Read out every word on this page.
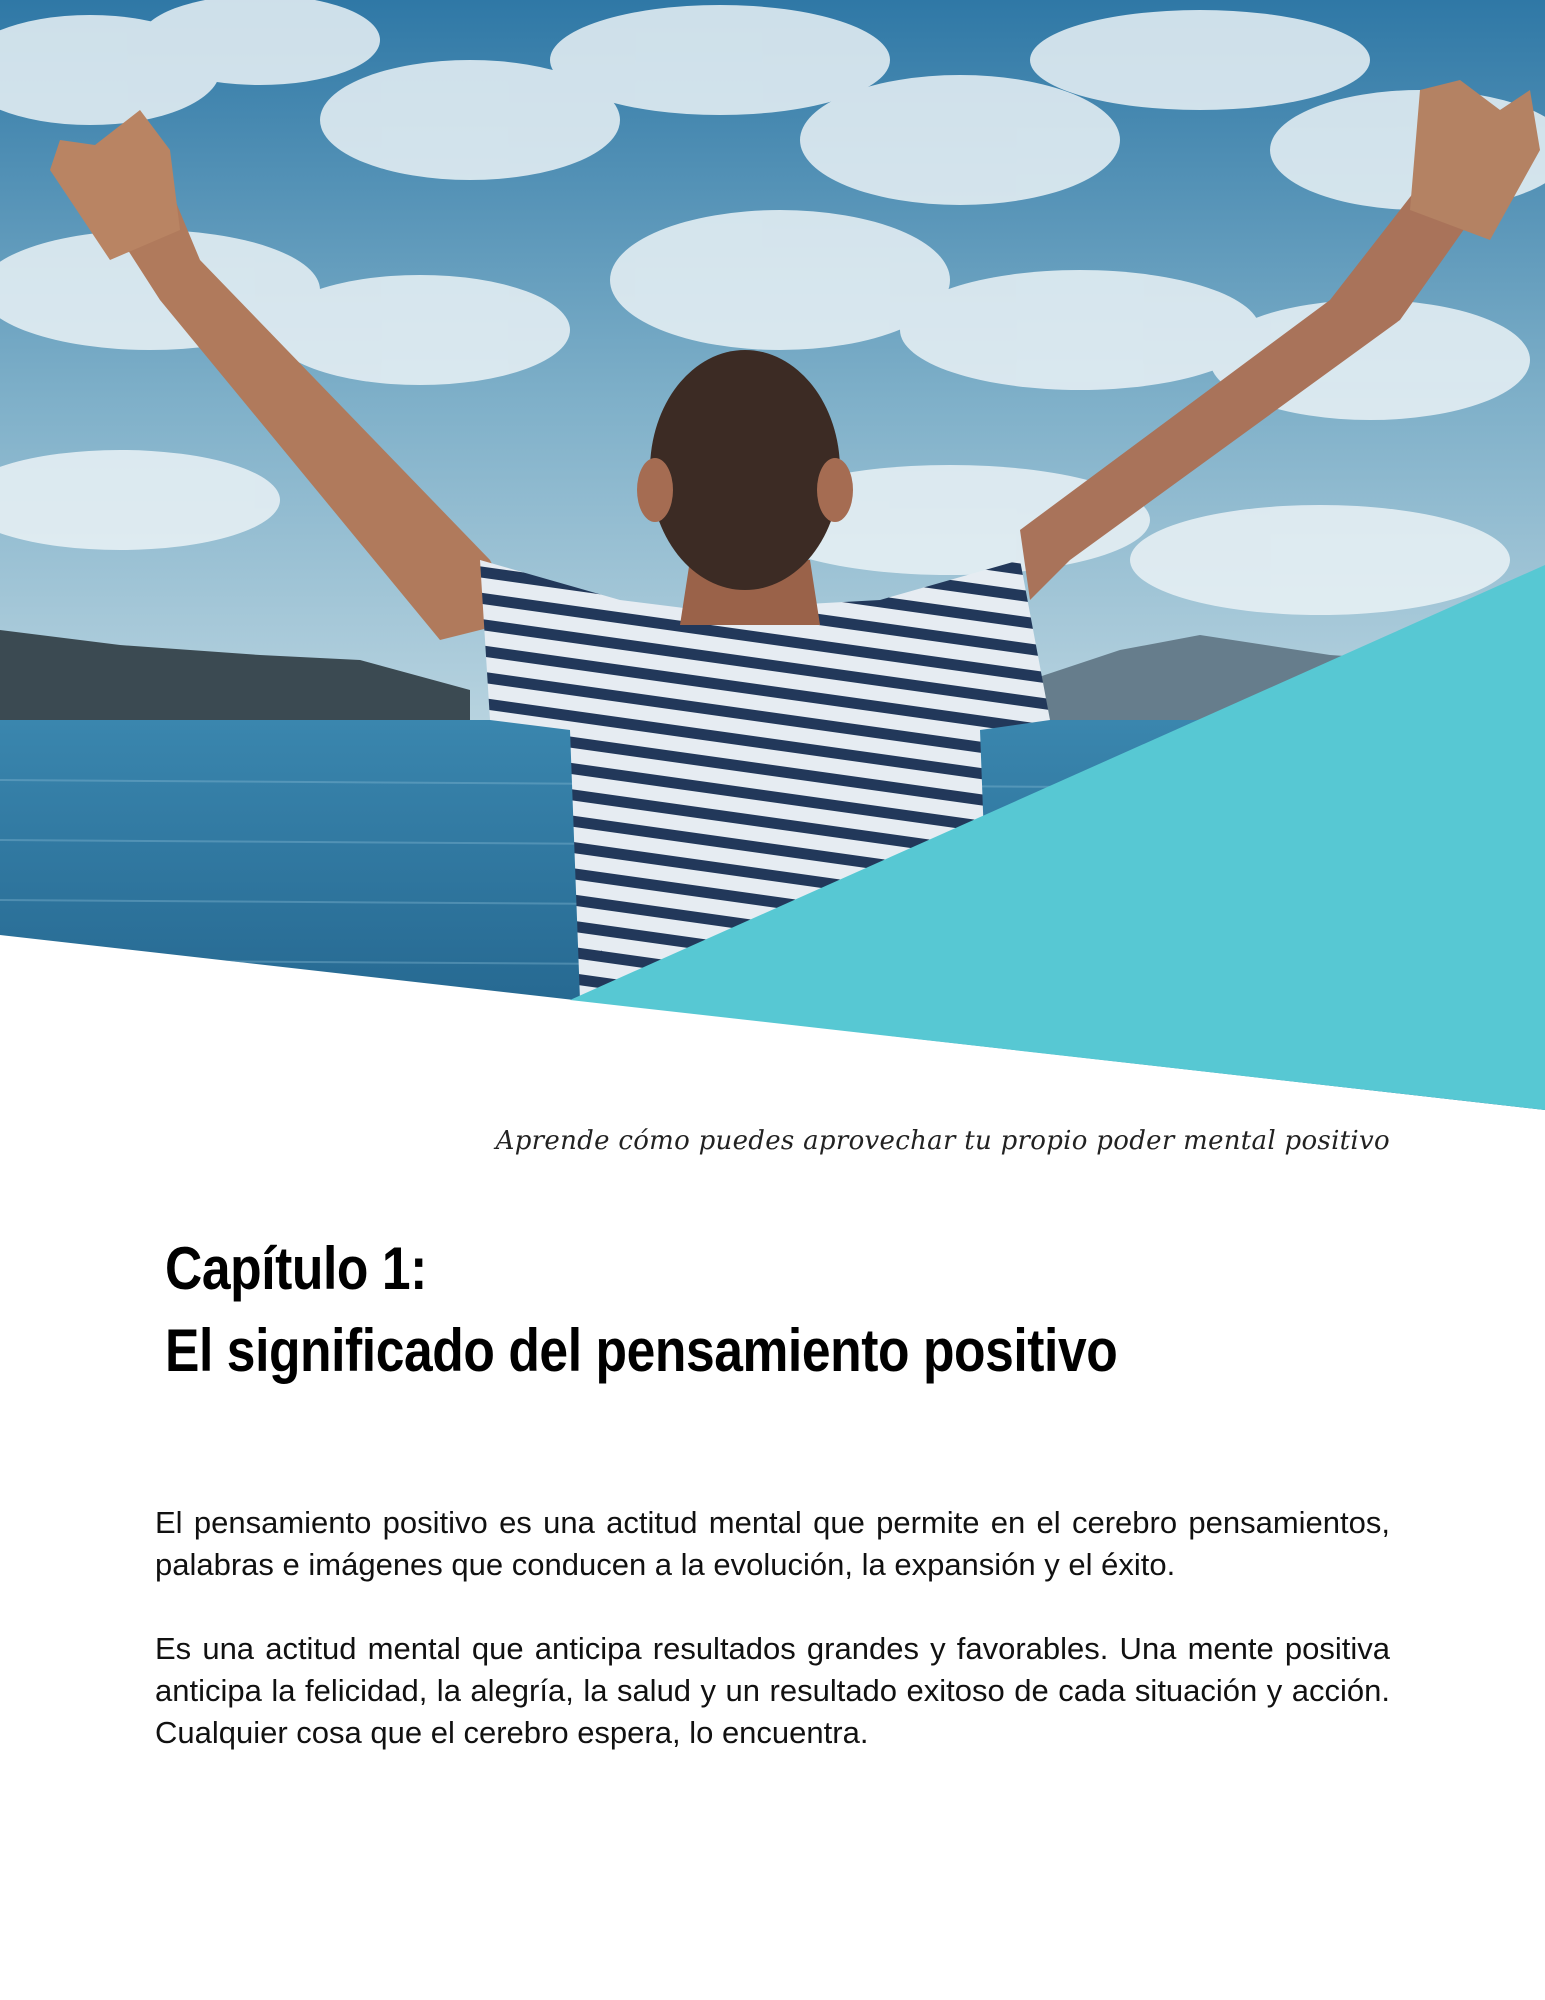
Aprende cómo puedes aprovechar tu propio poder mental positivo

Capítulo 1:
El significado del pensamiento positivo

El pensamiento positivo es una actitud mental que permite en el cerebro pensamientos, palabras e imágenes que conducen a la evolución, la expansión y el éxito.

Es una actitud mental que anticipa resultados grandes y favorables. Una mente positiva anticipa la felicidad, la alegría, la salud y un resultado exitoso de cada situación y acción. Cualquier cosa que el cerebro espera, lo encuentra.
